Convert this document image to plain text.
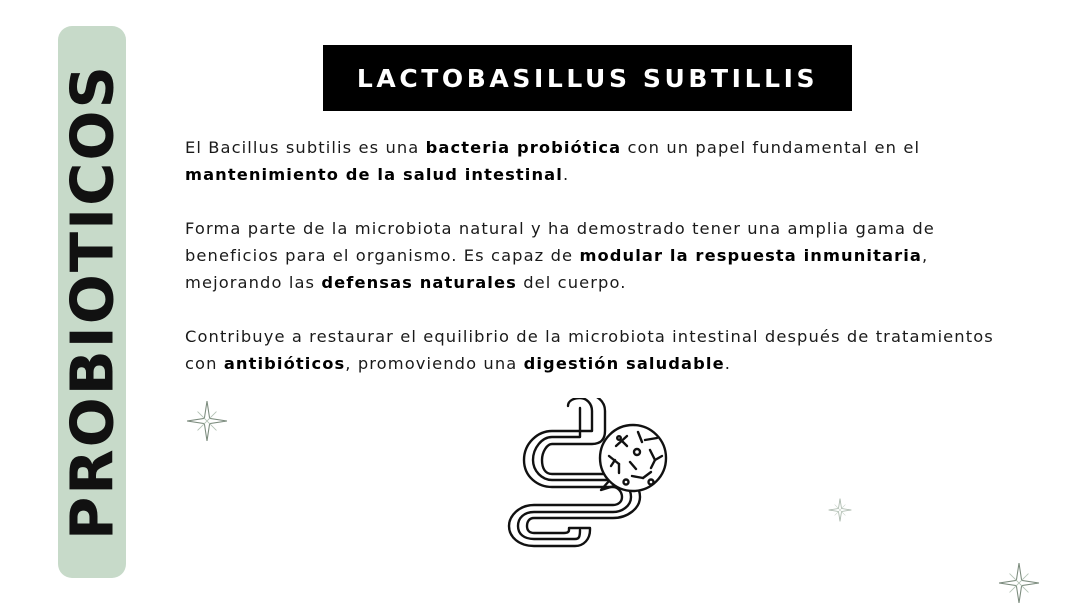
PROBIOTICOS	LACTOBASILLUS SUBTILLIS

El Bacillus subtilis es una bacteria probiótica con un papel fundamental en el mantenimiento de la salud intestinal.

Forma parte de la microbiota natural y ha demostrado tener una amplia gama de beneficios para el organismo. Es capaz de modular la respuesta inmunitaria, mejorando las defensas naturales del cuerpo.

Contribuye a restaurar el equilibrio de la microbiota intestinal después de tratamientos con antibióticos, promoviendo una digestión saludable.
